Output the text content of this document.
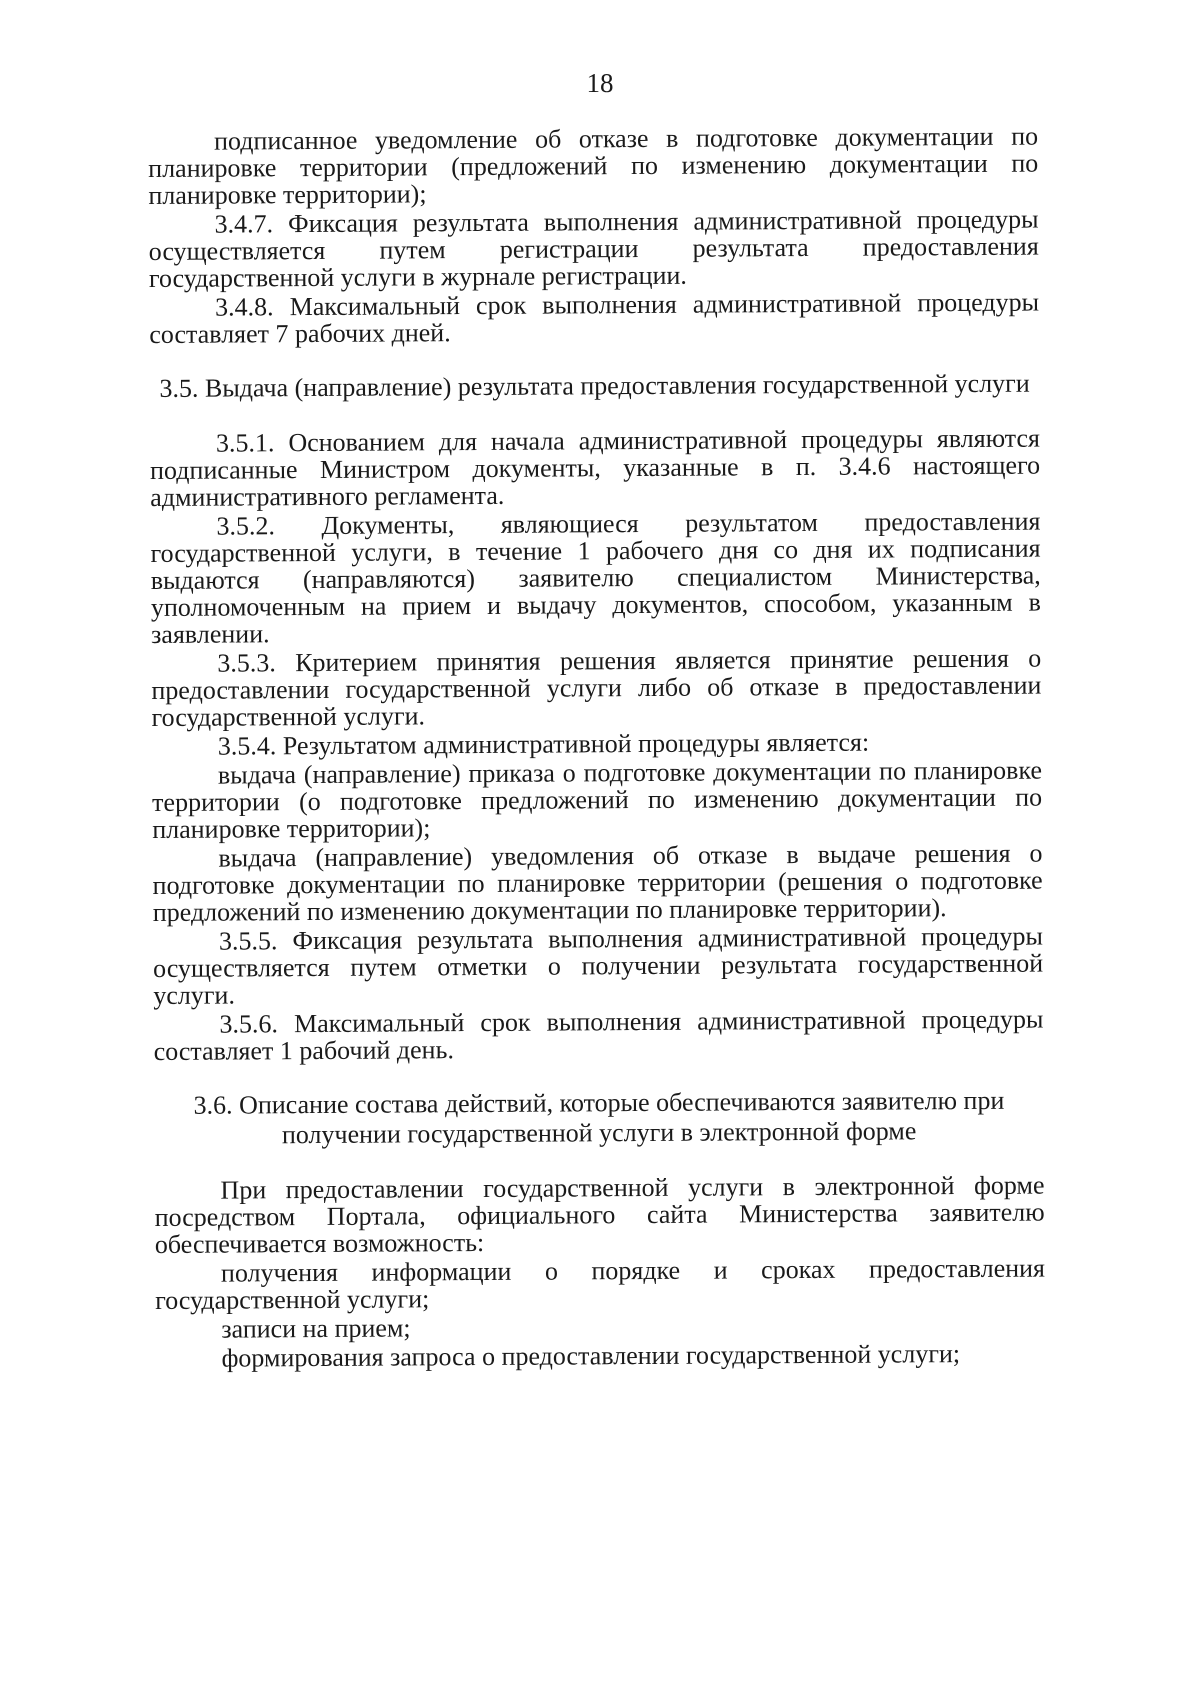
18

подписанное уведомление об отказе в подготовке документации по планировке территории (предложений по изменению документации по планировке территории);

3.4.7. Фиксация результата выполнения административной процедуры осуществляется путем регистрации результата предоставления государственной услуги в журнале регистрации.

3.4.8. Максимальный срок выполнения административной процедуры составляет 7 рабочих дней.

3.5. Выдача (направление) результата предоставления государственной услуги

3.5.1. Основанием для начала административной процедуры являются подписанные Министром документы, указанные в п. 3.4.6 настоящего административного регламента.

3.5.2. Документы, являющиеся результатом предоставления государственной услуги, в течение 1 рабочего дня со дня их подписания выдаются (направляются) заявителю специалистом Министерства, уполномоченным на прием и выдачу документов, способом, указанным в заявлении.

3.5.3. Критерием принятия решения является принятие решения о предоставлении государственной услуги либо об отказе в предоставлении государственной услуги.

3.5.4. Результатом административной процедуры является:

выдача (направление) приказа о подготовке документации по планировке территории (о подготовке предложений по изменению документации по планировке территории);

выдача (направление) уведомления об отказе в выдаче решения о подготовке документации по планировке территории (решения о подготовке предложений по изменению документации по планировке территории).

3.5.5. Фиксация результата выполнения административной процедуры осуществляется путем отметки о получении результата государственной услуги.

3.5.6. Максимальный срок выполнения административной процедуры составляет 1 рабочий день.

3.6. Описание состава действий, которые обеспечиваются заявителю при
получении государственной услуги в электронной форме

При предоставлении государственной услуги в электронной форме посредством Портала, официального сайта Министерства заявителю обеспечивается возможность:

получения информации о порядке и сроках предоставления государственной услуги;

записи на прием;

формирования запроса о предоставлении государственной услуги;
